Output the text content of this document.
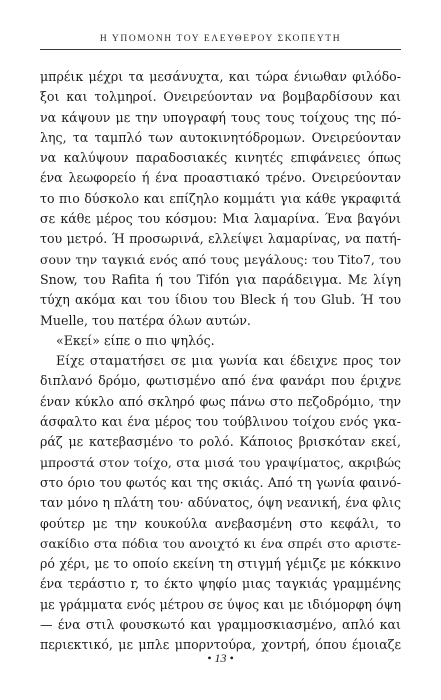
Η ΥΠΟΜΟΝΗ ΤΟΥ ΕΛΕΥΘΕΡΟΥ ΣΚΟΠΕΥΤΗ
μπρέικ μέχρι τα μεσάνυχτα, και τώρα ένιωθαν φιλόδο-
ξοι και τολμηροί. Ονειρεύονταν να βομβαρδίσουν και
να κάψουν με την υπογραφή τους τους τοίχους της πό-
λης, τα ταμπλό των αυτοκινητόδρομων. Ονειρεύονταν
να καλύψουν παραδοσιακές κινητές επιφάνειες όπως
ένα λεωφορείο ή ένα προαστιακό τρένο. Ονειρεύονταν
το πιο δύσκολο και επίζηλο κομμάτι για κάθε γκραφιτά
σε κάθε μέρος του κόσμου: Μια λαμαρίνα. Ένα βαγόνι
του μετρό. Ή προσωρινά, ελλείψει λαμαρίνας, να πατή-
σουν την ταγκιά ενός από τους μεγάλους: του Tito7, του
Snow, του Rafita ή του Tifón για παράδειγμα. Με λίγη
τύχη ακόμα και του ίδιου του Bleck ή του Glub. Ή του
Muelle, του πατέρα όλων αυτών.
«Εκεί» είπε ο πιο ψηλός.
Είχε σταματήσει σε μια γωνία και έδειχνε προς τον
διπλανό δρόμο, φωτισμένο από ένα φανάρι που έριχνε
έναν κύκλο από σκληρό φως πάνω στο πεζοδρόμιο, την
άσφαλτο και ένα μέρος του τούβλινου τοίχου ενός γκα-
ράζ με κατεβασμένο το ρολό. Κάποιος βρισκόταν εκεί,
μπροστά στον τοίχο, στα μισά του γραψίματος, ακριβώς
στο όριο του φωτός και της σκιάς. Από τη γωνία φαινό-
ταν μόνο η πλάτη του· αδύνατος, όψη νεανική, ένα φλις
φούτερ με την κουκούλα ανεβασμένη στο κεφάλι, το
σακίδιο στα πόδια του ανοιχτό κι ένα σπρέι στο αριστε-
ρό χέρι, με το οποίο εκείνη τη στιγμή γέμιζε με κόκκινο
ένα τεράστιο r, το έκτο ψηφίο μιας ταγκιάς γραμμένης
με γράμματα ενός μέτρου σε ύψος και με ιδιόμορφη όψη
— ένα στιλ φουσκωτό και γραμμοσκιασμένο, απλό και
περιεκτικό, με μπλε μπορντούρα, χοντρή, όπου έμοιαζε
• 13 •
